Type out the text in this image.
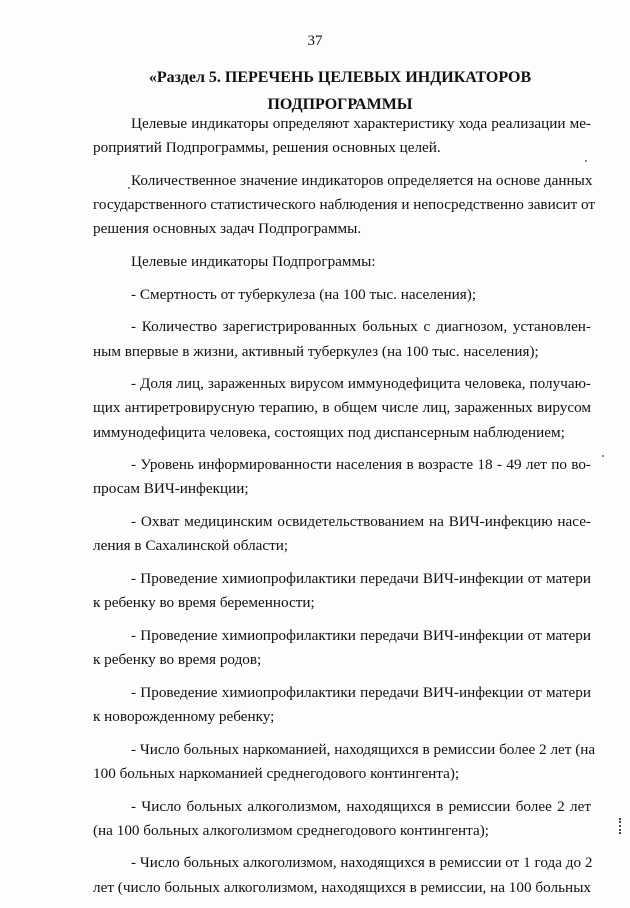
37
«Раздел 5. ПЕРЕЧЕНЬ ЦЕЛЕВЫХ ИНДИКАТОРОВ
ПОДПРОГРАММЫ

Целевые индикаторы определяют характеристику хода реализации ме-
роприятий Подпрограммы, решения основных целей.

Количественное значение индикаторов определяется на основе данных
государственного статистического наблюдения и непосредственно зависит от
решения основных задач Подпрограммы.

Целевые индикаторы Подпрограммы:

- Смертность от туберкулеза (на 100 тыс. населения);

- Количество зарегистрированных больных с диагнозом, установлен-
ным впервые в жизни, активный туберкулез (на 100 тыс. населения);

- Доля лиц, зараженных вирусом иммунодефицита человека, получаю-
щих антиретровирусную терапию, в общем числе лиц, зараженных вирусом
иммунодефицита человека, состоящих под диспансерным наблюдением;

- Уровень информированности населения в возрасте 18 - 49 лет по во-
просам ВИЧ-инфекции;

- Охват медицинским освидетельствованием на ВИЧ-инфекцию насе-
ления в Сахалинской области;

- Проведение химиопрофилактики передачи ВИЧ-инфекции от матери
к ребенку во время беременности;

- Проведение химиопрофилактики передачи ВИЧ-инфекции от матери
к ребенку во время родов;

- Проведение химиопрофилактики передачи ВИЧ-инфекции от матери
к новорожденному ребенку;

- Число больных наркоманией, находящихся в ремиссии более 2 лет (на
100 больных наркоманией среднегодового контингента);

- Число больных алкоголизмом, находящихся в ремиссии более 2 лет
(на 100 больных алкоголизмом среднегодового контингента);

- Число больных алкоголизмом, находящихся в ремиссии от 1 года до 2
лет (число больных алкоголизмом, находящихся в ремиссии, на 100 больных
